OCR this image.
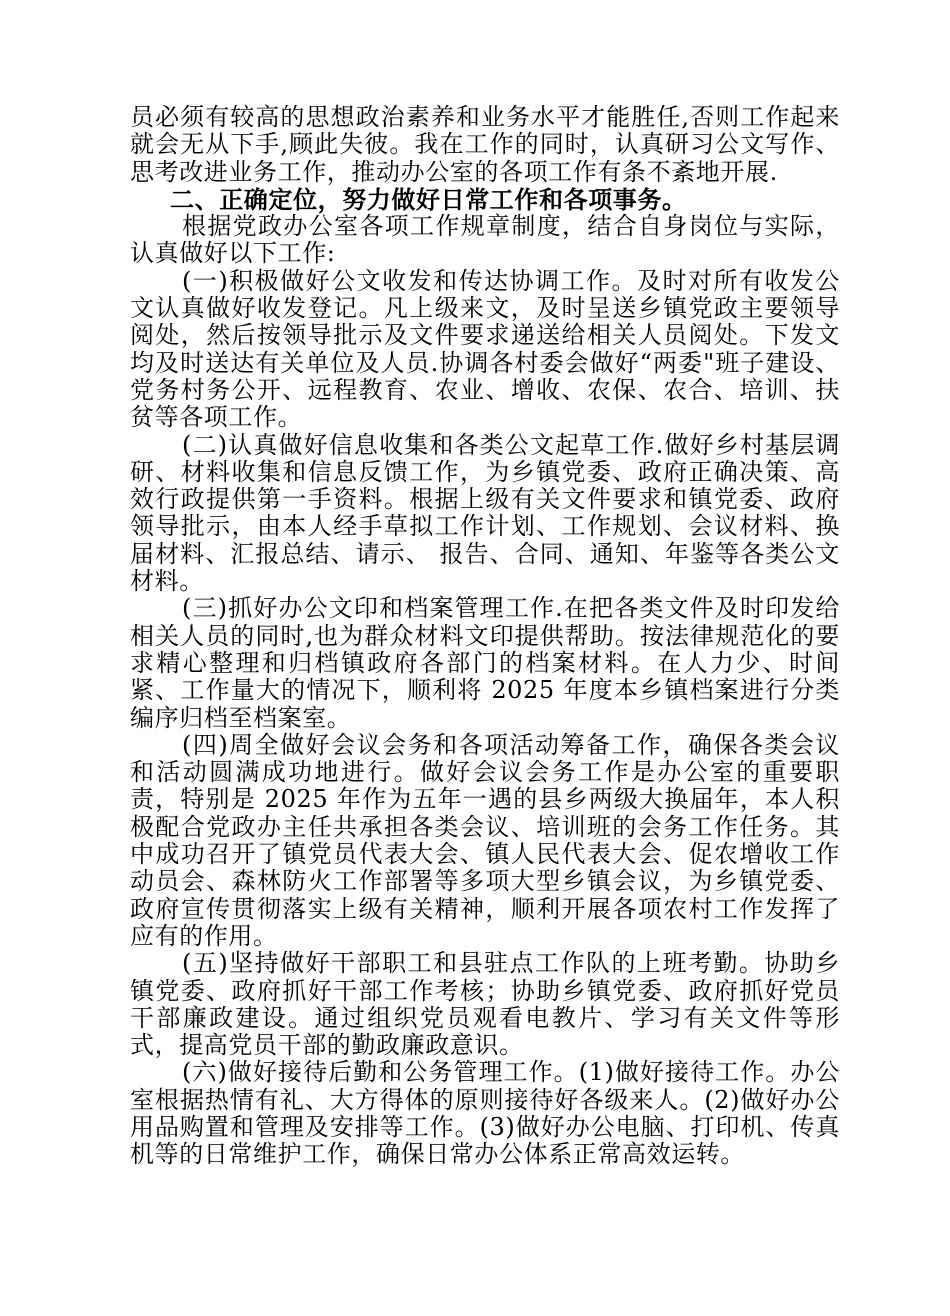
员必须有较高的思想政治素养和业务水平才能胜任,否则工作起来就会无从下手,顾此失彼。我在工作的同时，认真研习公文写作、思考改进业务工作，推动办公室的各项工作有条不紊地开展.

二、正确定位，努力做好日常工作和各项事务。

根据党政办公室各项工作规章制度，结合自身岗位与实际，认真做好以下工作:

(一)积极做好公文收发和传达协调工作。及时对所有收发公文认真做好收发登记。凡上级来文，及时呈送乡镇党政主要领导阅处，然后按领导批示及文件要求递送给相关人员阅处。下发文均及时送达有关单位及人员.协调各村委会做好“两委"班子建设、党务村务公开、远程教育、农业、增收、农保、农合、培训、扶贫等各项工作。

(二)认真做好信息收集和各类公文起草工作.做好乡村基层调研、材料收集和信息反馈工作，为乡镇党委、政府正确决策、高效行政提供第一手资料。根据上级有关文件要求和镇党委、政府领导批示，由本人经手草拟工作计划、工作规划、会议材料、换届材料、汇报总结、请示、 报告、合同、通知、年鉴等各类公文材料。

(三)抓好办公文印和档案管理工作.在把各类文件及时印发给相关人员的同时,也为群众材料文印提供帮助。按法律规范化的要求精心整理和归档镇政府各部门的档案材料。在人力少、时间紧、工作量大的情况下，顺利将 2025 年度本乡镇档案进行分类编序归档至档案室。

(四)周全做好会议会务和各项活动筹备工作，确保各类会议和活动圆满成功地进行。做好会议会务工作是办公室的重要职责，特别是 2025 年作为五年一遇的县乡两级大换届年，本人积极配合党政办主任共承担各类会议、培训班的会务工作任务。其中成功召开了镇党员代表大会、镇人民代表大会、促农增收工作动员会、森林防火工作部署等多项大型乡镇会议，为乡镇党委、政府宣传贯彻落实上级有关精神，顺利开展各项农村工作发挥了应有的作用。

(五)坚持做好干部职工和县驻点工作队的上班考勤。协助乡镇党委、政府抓好干部工作考核；协助乡镇党委、政府抓好党员干部廉政建设。通过组织党员观看电教片、学习有关文件等形式，提高党员干部的勤政廉政意识。

(六)做好接待后勤和公务管理工作。(1)做好接待工作。办公室根据热情有礼、大方得体的原则接待好各级来人。(2)做好办公用品购置和管理及安排等工作。(3)做好办公电脑、打印机、传真机等的日常维护工作，确保日常办公体系正常高效运转。
